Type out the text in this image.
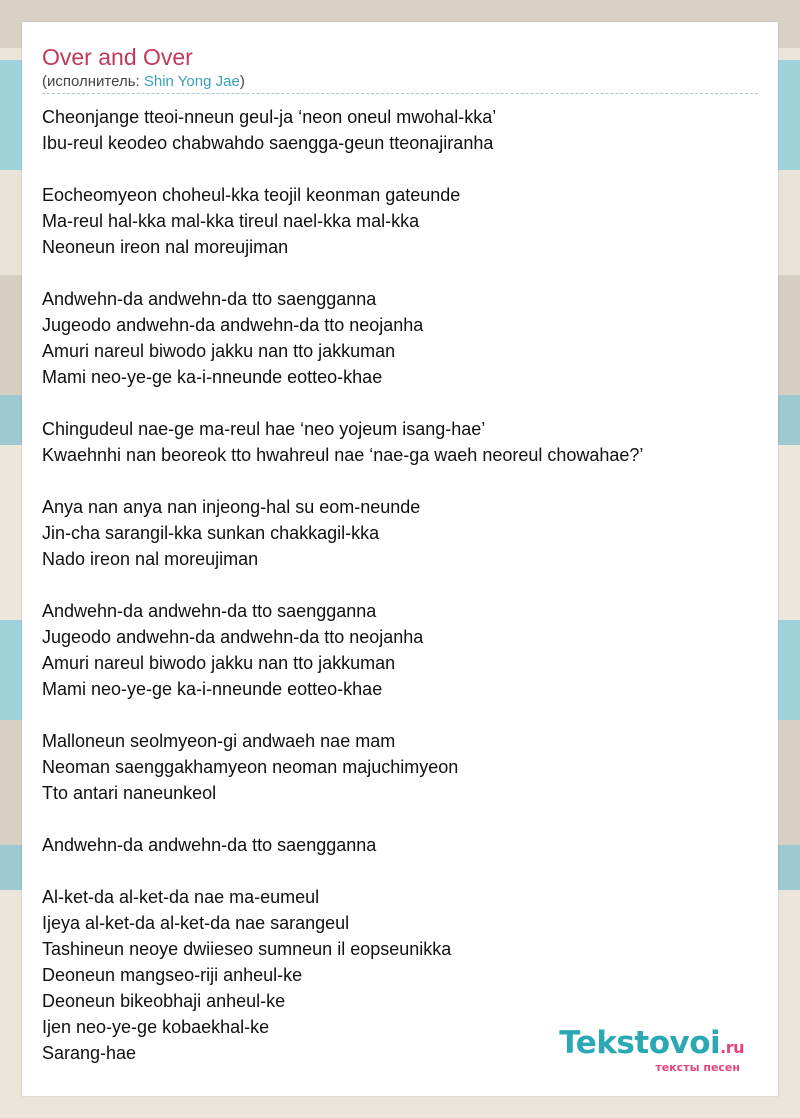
Over and Over
(исполнитель: Shin Yong Jae)
Cheonjange tteoi-nneun geul-ja ‘neon oneul mwohal-kka’
Ibu-reul keodeo chabwahdo saengga-geun tteonajiranha
Eocheomyeon choheul-kka teojil keonman gateunde
Ma-reul hal-kka mal-kka tireul nael-kka mal-kka
Neoneun ireon nal moreujiman
Andwehn-da andwehn-da tto saengganna
Jugeodo andwehn-da andwehn-da tto neojanha
Amuri nareul biwodo jakku nan tto jakkuman
Mami neo-ye-ge ka-i-nneunde eotteo-khae
Chingudeul nae-ge ma-reul hae ‘neo yojeum isang-hae’
Kwaehnhi nan beoreok tto hwahreul nae ‘nae-ga waeh neoreul chowahae?’
Anya nan anya nan injeong-hal su eom-neunde
Jin-cha sarangil-kka sunkan chakkagil-kka
Nado ireon nal moreujiman
Andwehn-da andwehn-da tto saengganna
Jugeodo andwehn-da andwehn-da tto neojanha
Amuri nareul biwodo jakku nan tto jakkuman
Mami neo-ye-ge ka-i-nneunde eotteo-khae
Malloneun seolmyeon-gi andwaeh nae mam
Neoman saenggakhamyeon neoman majuchimyeon
Tto antari naneunkeol
Andwehn-da andwehn-da tto saengganna
Al-ket-da al-ket-da nae ma-eumeul
Ijeya al-ket-da al-ket-da nae sarangeul
Tashineun neoye dwiieseo sumneun il eopseunikka
Deoneun mangseo-riji anheul-ke
Deoneun bikeobhaji anheul-ke
Ijen neo-ye-ge kobaekhal-ke
Sarang-hae	Tekstovoi.ru
тексты песен
